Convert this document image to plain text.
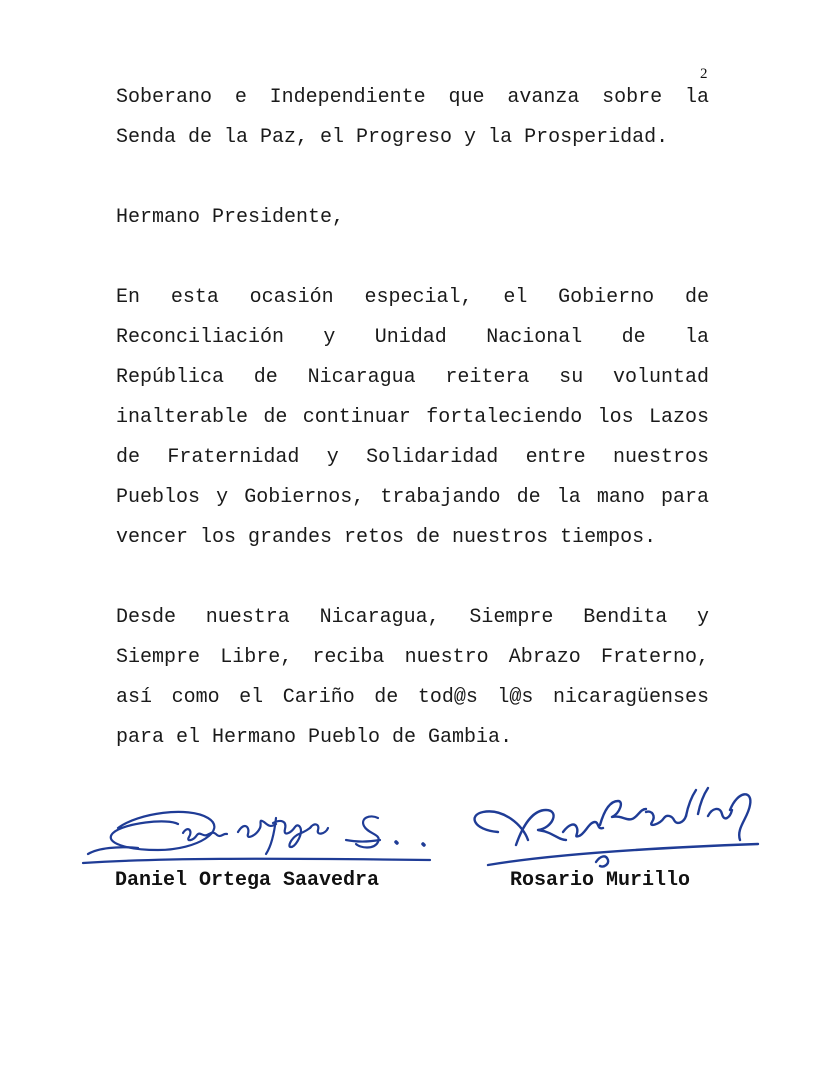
2
Soberano e Independiente que avanza sobre la
Senda de la Paz, el Progreso y la Prosperidad.
Hermano Presidente,
En esta ocasión especial, el Gobierno de
Reconciliación y Unidad Nacional de la
República de Nicaragua reitera su voluntad
inalterable de continuar fortaleciendo los Lazos
de Fraternidad y Solidaridad entre nuestros
Pueblos y Gobiernos, trabajando de la mano para
vencer los grandes retos de nuestros tiempos.
Desde nuestra Nicaragua, Siempre Bendita y
Siempre Libre, reciba nuestro Abrazo Fraterno,
así como el Cariño de tod@s l@s nicaragüenses
para el Hermano Pueblo de Gambia.
Daniel Ortega Saavedra	Rosario Murillo
